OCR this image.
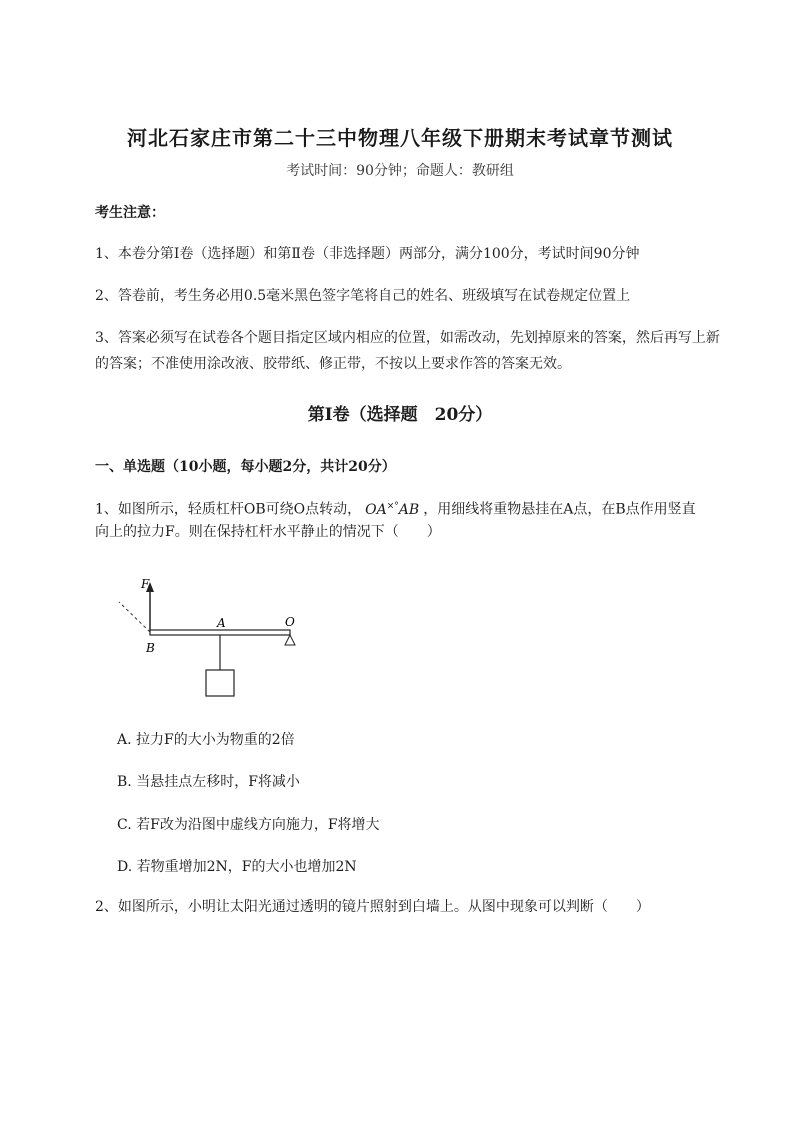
河北石家庄市第二十三中物理八年级下册期末考试章节测试
考试时间：90分钟；命题人：教研组
考生注意：
1、本卷分第I卷（选择题）和第Ⅱ卷（非选择题）两部分，满分100分，考试时间90分钟
2、答卷前，考生务必用0.5毫米黑色签字笔将自己的姓名、班级填写在试卷规定位置上
3、答案必须写在试卷各个题目指定区域内相应的位置，如需改动，先划掉原来的答案，然后再写上新
的答案；不准使用涂改液、胶带纸、修正带，不按以上要求作答的答案无效。
第I卷（选择题　20分）
一、单选题（10小题，每小题2分，共计20分）
1、如图所示，轻质杠杆OB可绕O点转动， OA×°AB ，用细线将重物悬挂在A点，在B点作用竖直
向上的拉力F。则在保持杠杆水平静止的情况下（　　）
F
O
A
B
A. 拉力F的大小为物重的2倍
B. 当悬挂点左移时，F将减小
C. 若F改为沿图中虚线方向施力，F将增大
D. 若物重增加2N，F的大小也增加2N
2、如图所示，小明让太阳光通过透明的镜片照射到白墙上。从图中现象可以判断（　　）
